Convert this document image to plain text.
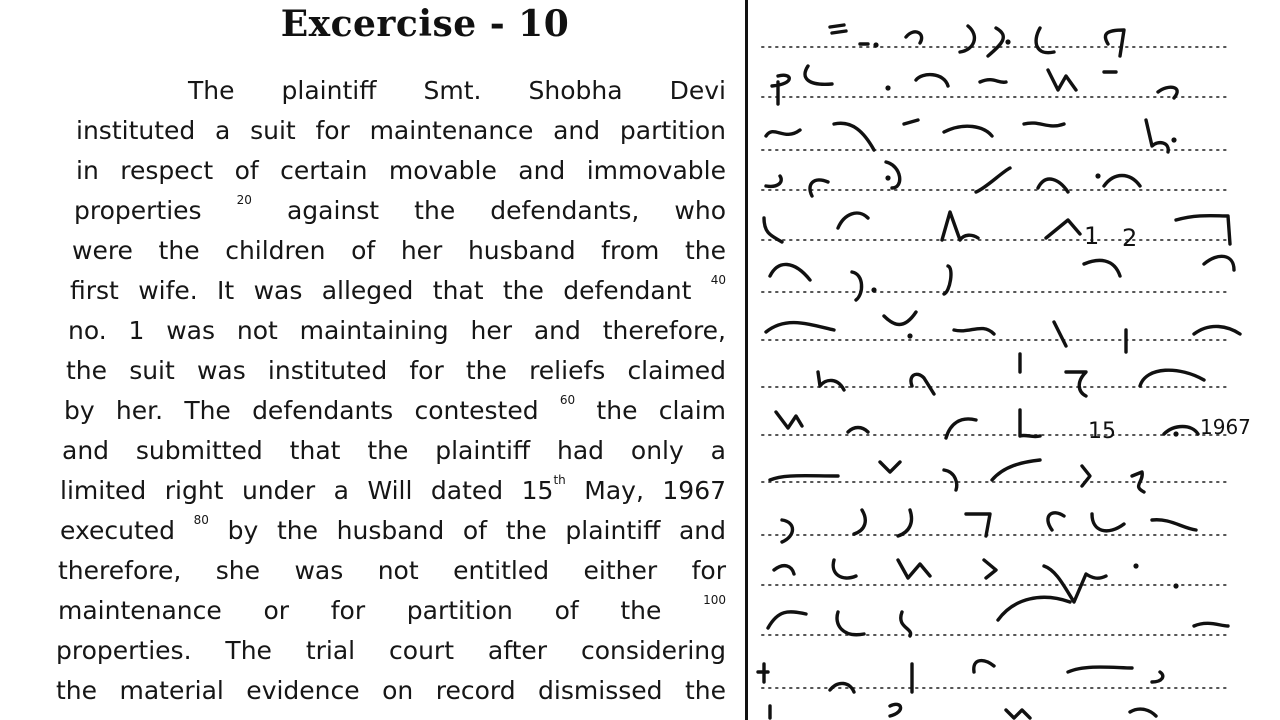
Excercise - 10
The plaintiff Smt. Shobha Devi
instituted a suit for maintenance and partition
in respect of certain movable and immovable
properties	$^{20}$ against the defendants, who
were the children of her husband from the
first wife. It was alleged that the defendant $^{40}$
no. 1 was not maintaining her and therefore,
the suit was instituted for the reliefs claimed
by her. The defendants contested $^{60}$ the claim
and submitted that the plaintiff had only a
limited right under a Will dated 15th May, 1967
executed $^{80}$ by the husband of the plaintiff and
therefore, she was not entitled either for
maintenance or for partition of the	$^{100}$
properties. The trial court after considering
the material evidence on record dismissed the
15	1967
1 2
